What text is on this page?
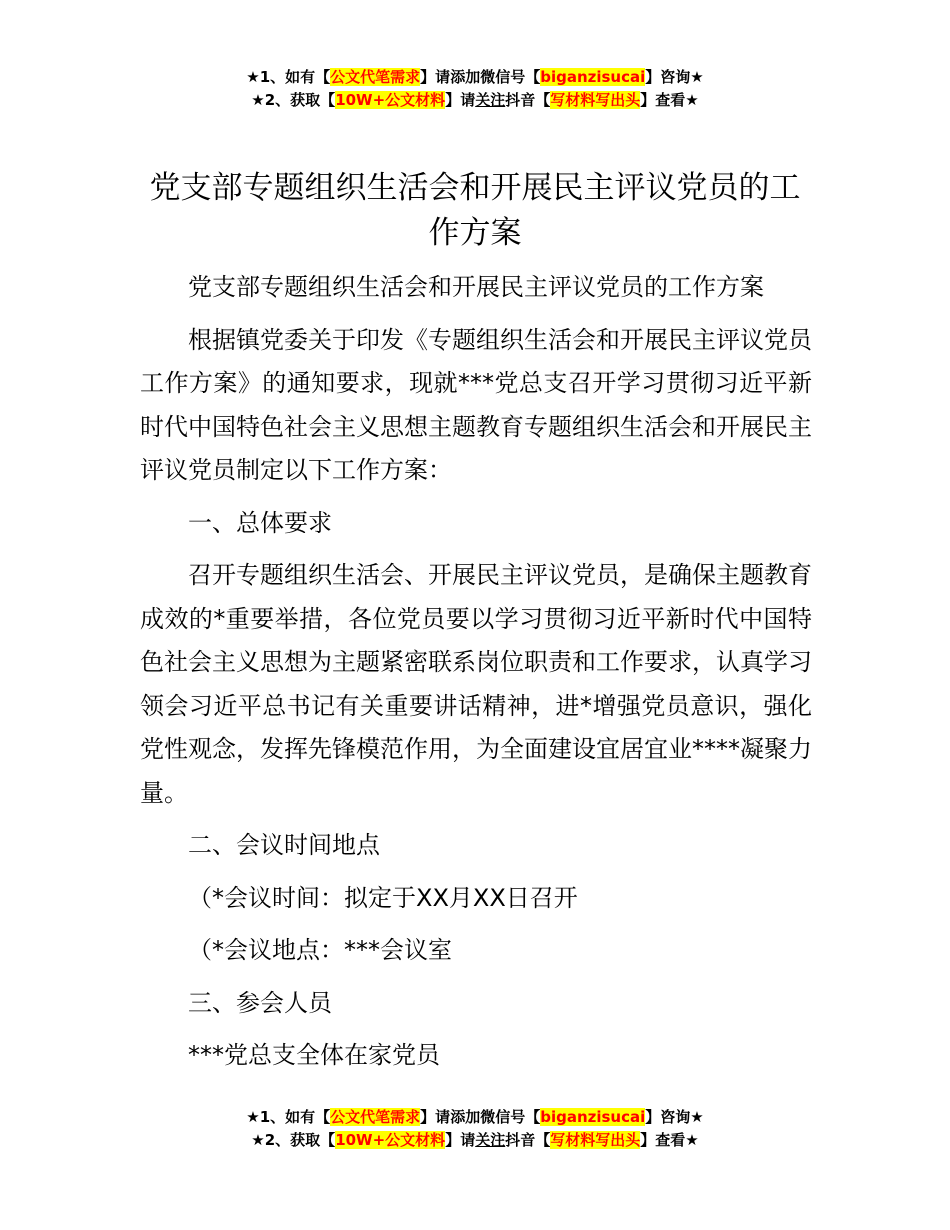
★1、如有【公文代笔需求】请添加微信号【biganzisucai】咨询★
★2、获取【10W+公文材料】请关注抖音【写材料写出头】查看★
党支部专题组织生活会和开展民主评议党员的工作方案

党支部专题组织生活会和开展民主评议党员的工作方案

根据镇党委关于印发《专题组织生活会和开展民主评议党员工作方案》的通知要求，现就***党总支召开学习贯彻习近平新时代中国特色社会主义思想主题教育专题组织生活会和开展民主评议党员制定以下工作方案：

一、总体要求

召开专题组织生活会、开展民主评议党员，是确保主题教育成效的*重要举措，各位党员要以学习贯彻习近平新时代中国特色社会主义思想为主题紧密联系岗位职责和工作要求，认真学习领会习近平总书记有关重要讲话精神，进*增强党员意识，强化党性观念，发挥先锋模范作用，为全面建设宜居宜业****凝聚力量。

二、会议时间地点

（*会议时间：拟定于XX月XX日召开

（*会议地点：***会议室

三、参会人员

***党总支全体在家党员

★1、如有【公文代笔需求】请添加微信号【biganzisucai】咨询★
★2、获取【10W+公文材料】请关注抖音【写材料写出头】查看★
